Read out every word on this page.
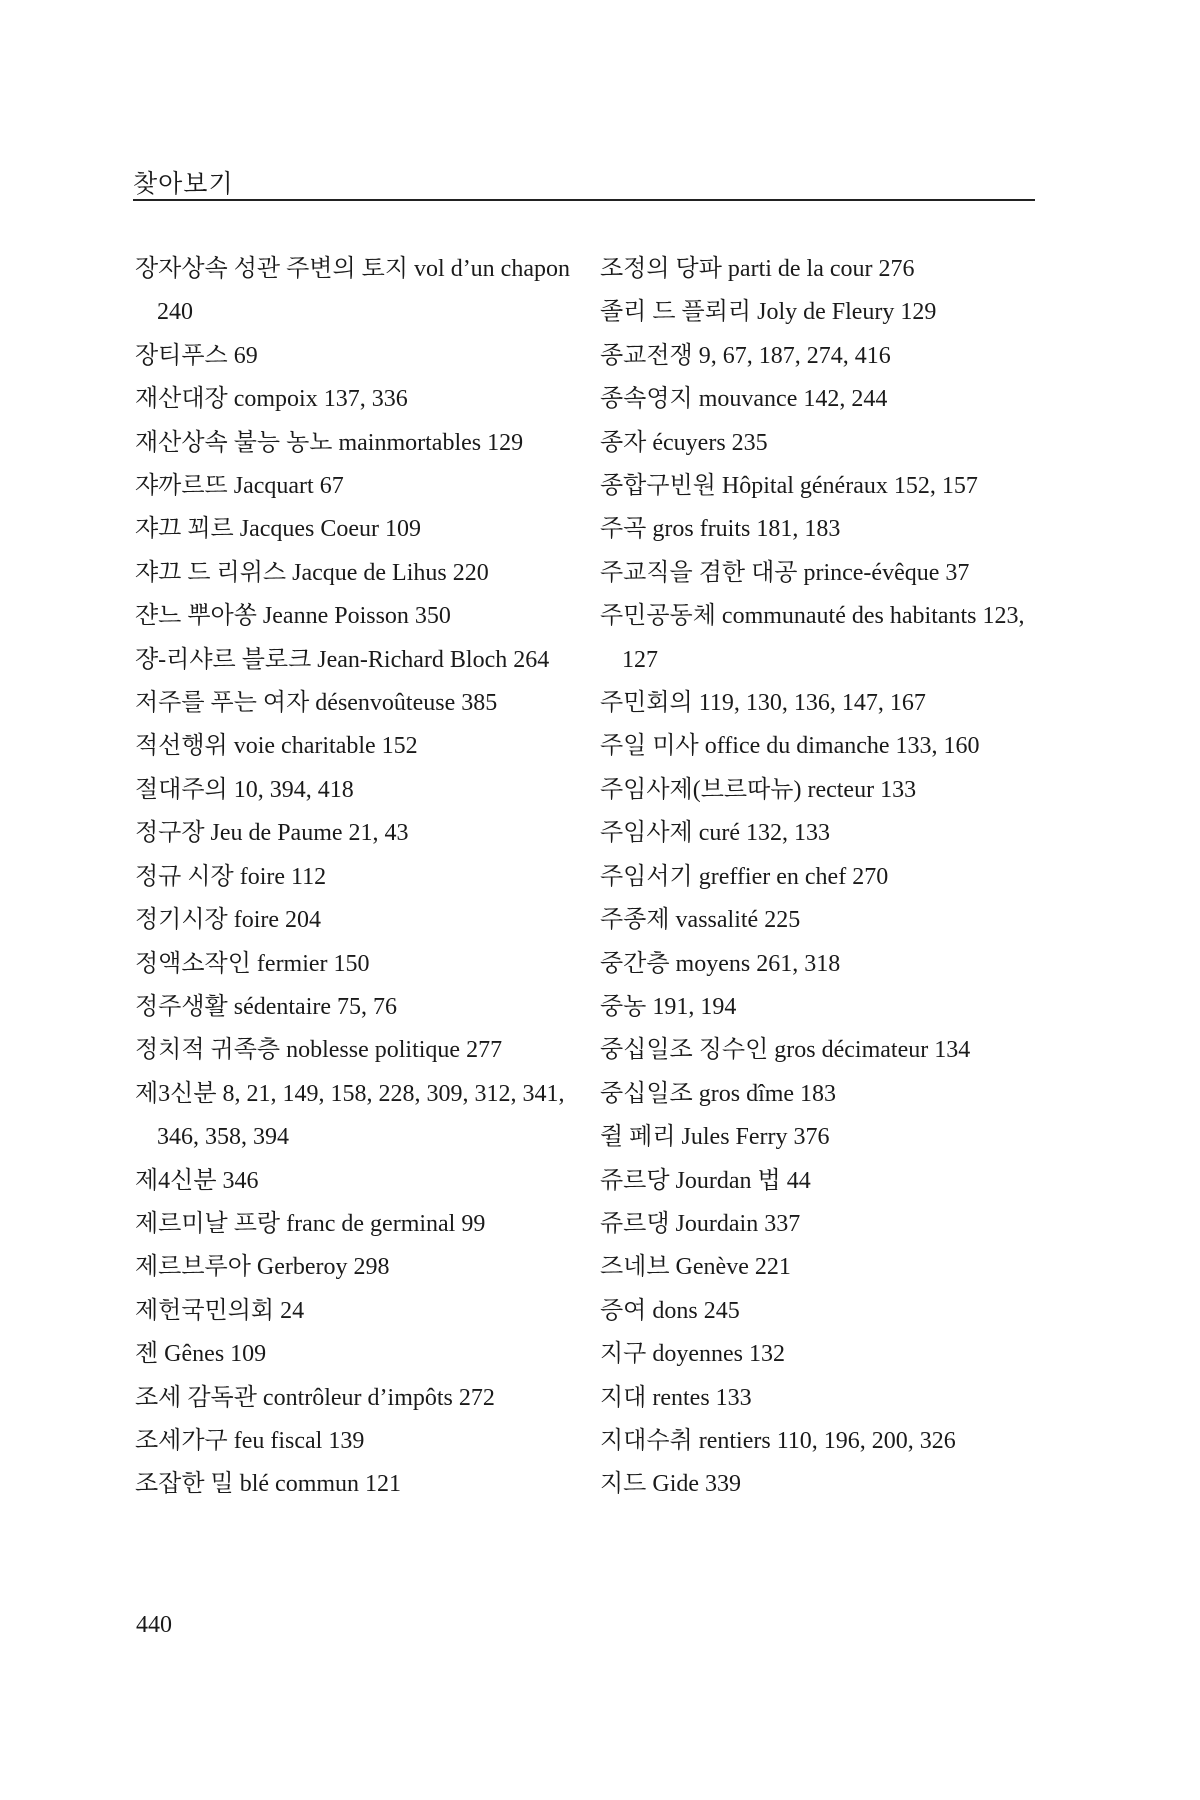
찾아보기
장자상속 성관 주변의 토지 vol d’un chapon 240
장티푸스 69
재산대장 compoix 137, 336
재산상속 불능 농노 mainmortables 129
쟈까르뜨 Jacquart 67
쟈끄 꾀르 Jacques Coeur 109
쟈끄 드 리위스 Jacque de Lihus 220
쟌느 뿌아쏭 Jeanne Poisson 350
쟝-리샤르 블로크 Jean-Richard Bloch 264
저주를 푸는 여자 désenvoûteuse 385
적선행위 voie charitable 152
절대주의 10, 394, 418
정구장 Jeu de Paume 21, 43
정규 시장 foire 112
정기시장 foire 204
정액소작인 fermier 150
정주생활 sédentaire 75, 76
정치적 귀족층 noblesse politique 277
제3신분 8, 21, 149, 158, 228, 309, 312, 341, 346, 358, 394
제4신분 346
제르미날 프랑 franc de germinal 99
제르브루아 Gerberoy 298
제헌국민의회 24
젠 Gênes 109
조세 감독관 contrôleur d’impôts 272
조세가구 feu fiscal 139
조잡한 밀 blé commun 121
조정의 당파 parti de la cour 276
졸리 드 플뢰리 Joly de Fleury 129
종교전쟁 9, 67, 187, 274, 416
종속영지 mouvance 142, 244
종자 écuyers 235
종합구빈원 Hôpital généraux 152, 157
주곡 gros fruits 181, 183
주교직을 겸한 대공 prince-évêque 37
주민공동체 communauté des habitants 123, 127
주민회의 119, 130, 136, 147, 167
주일 미사 office du dimanche 133, 160
주임사제(브르따뉴) recteur 133
주임사제 curé 132, 133
주임서기 greffier en chef 270
주종제 vassalité 225
중간층 moyens 261, 318
중농 191, 194
중십일조 징수인 gros décimateur 134
중십일조 gros dîme 183
쥘 페리 Jules Ferry 376
쥬르당 Jourdan 법 44
쥬르댕 Jourdain 337
즈네브 Genève 221
증여 dons 245
지구 doyennes 132
지대 rentes 133
지대수취 rentiers 110, 196, 200, 326
지드 Gide 339
440
